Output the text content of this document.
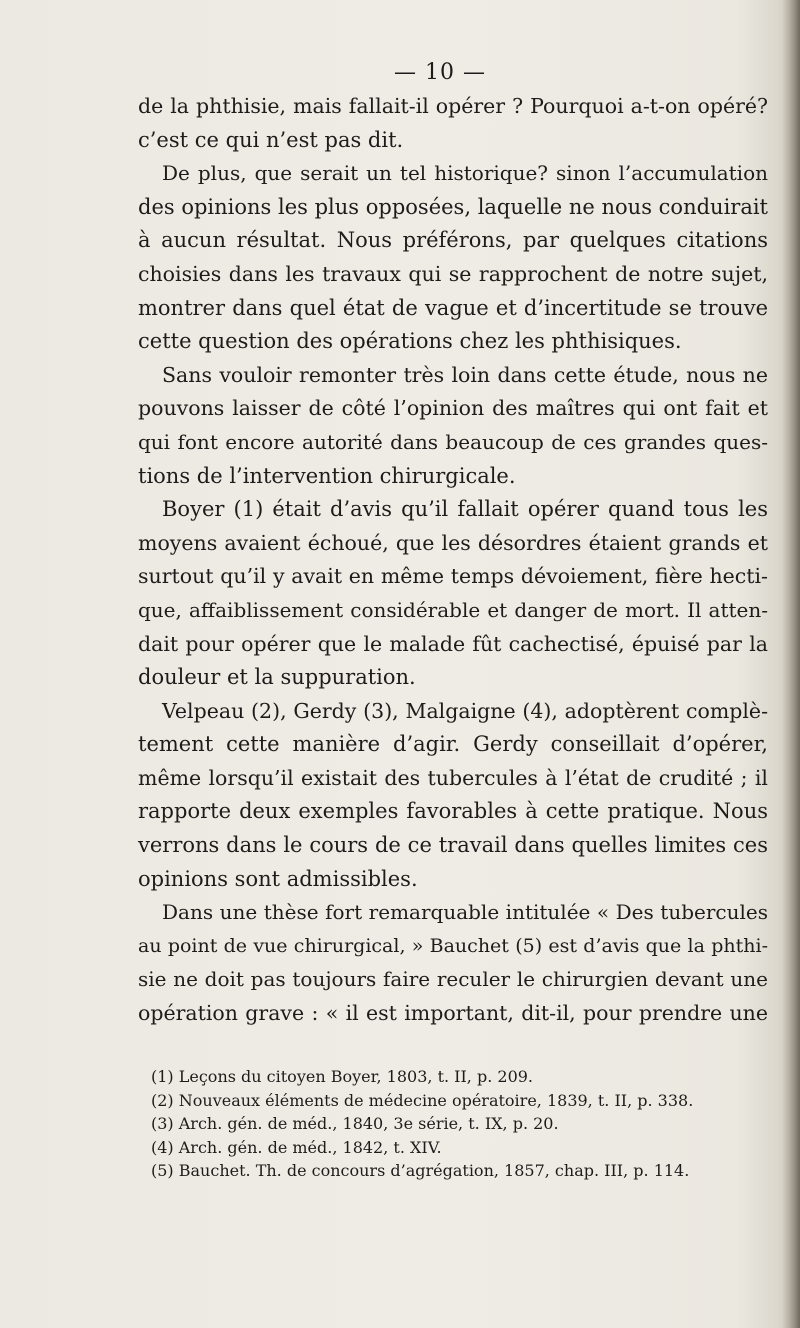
— 10 —
de la phthisie, mais fallait-il opérer ? Pourquoi a-t-on opéré?
c’est ce qui n’est pas dit.
De plus, que serait un tel historique? sinon l’accumulation
des opinions les plus opposées, laquelle ne nous conduirait
à aucun résultat. Nous préférons, par quelques citations
choisies dans les travaux qui se rapprochent de notre sujet,
montrer dans quel état de vague et d’incertitude se trouve
cette question des opérations chez les phthisiques.
Sans vouloir remonter très loin dans cette étude, nous ne
pouvons laisser de côté l’opinion des maîtres qui ont fait et
qui font encore autorité dans beaucoup de ces grandes ques-
tions de l’intervention chirurgicale.
Boyer (1) était d’avis qu’il fallait opérer quand tous les
moyens avaient échoué, que les désordres étaient grands et
surtout qu’il y avait en même temps dévoiement, fière hecti-
que, affaiblissement considérable et danger de mort. Il atten-
dait pour opérer que le malade fût cachectisé, épuisé par la
douleur et la suppuration.
Velpeau (2), Gerdy (3), Malgaigne (4), adoptèrent complè-
tement cette manière d’agir. Gerdy conseillait d’opérer,
même lorsqu’il existait des tubercules à l’état de crudité ; il
rapporte deux exemples favorables à cette pratique. Nous
verrons dans le cours de ce travail dans quelles limites ces
opinions sont admissibles.
Dans une thèse fort remarquable intitulée « Des tubercules
au point de vue chirurgical, » Bauchet (5) est d’avis que la phthi-
sie ne doit pas toujours faire reculer le chirurgien devant une
opération grave : « il est important, dit-il, pour prendre une
(1) Leçons du citoyen Boyer, 1803, t. II, p. 209.
(2) Nouveaux éléments de médecine opératoire, 1839, t. II, p. 338.
(3) Arch. gén. de méd., 1840, 3e série, t. IX, p. 20.
(4) Arch. gén. de méd., 1842, t. XIV.
(5) Bauchet. Th. de concours d’agrégation, 1857, chap. III, p. 114.
